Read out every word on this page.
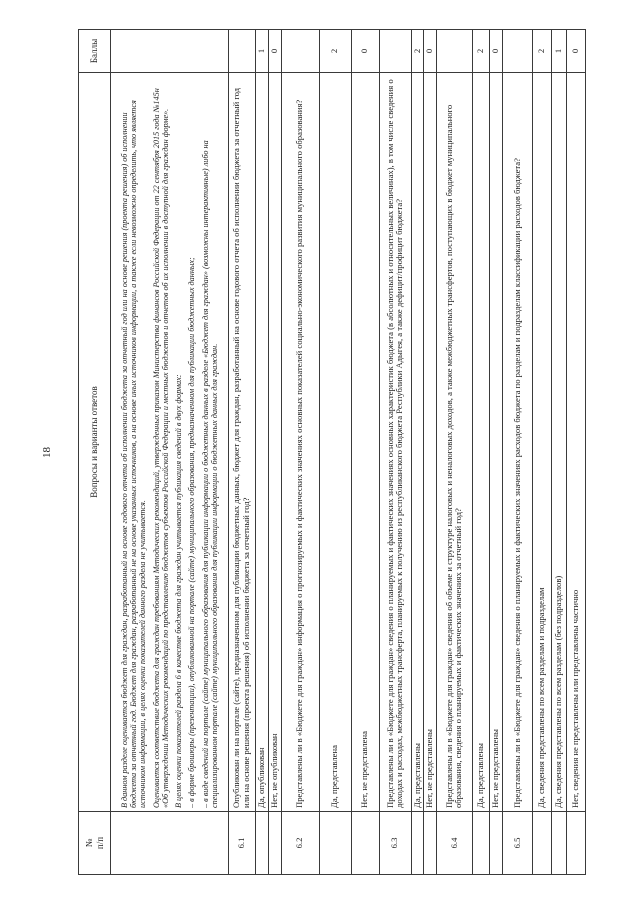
18
№ п/п	Вопросы и варианты ответов	Баллы

	В данном разделе оценивается бюджет для граждан, разработанный на основе годового отчета об исполнении бюджета за отчетный год или на основе решения (проекта решения) об исполнении бюджета за отчетный год. Бюджет для граждан, разработанный не на основе указанных источников, а на основе иных источников информации, а также если невозможно определить, что является источником информации, в целях оценки показателей данного раздела не учитывается. Оценивается соответствие бюджета для граждан требованиям Методических рекомендаций, утвержденных приказом Министерства финансов Российской Федерации от 22 сентября 2015 года №145н «Об утверждении Методических рекомендаций по представлению бюджетов субъектов Российской Федерации и местных бюджетов и отчетов об их исполнении в доступной для граждан форме». В целях оценки показателей раздела 6 в качестве бюджета для граждан учитывается публикация сведений в двух формах: – в форме брошюры (презентации), опубликованной на портале (сайте) муниципального образования, предназначенном для публикации бюджетных данных; – в виде сведений на портале (сайте) муниципального образования для публикации информации о бюджетных данных в разделе «Бюджет для граждан» (возможны интерактивные) либо на специализированном портале (сайте) муниципального образования для публикации информации о бюджетных данных для граждан.	

6.1	Опубликован ли на портале (сайте), предназначенном для публикации бюджетных данных, бюджет для граждан, разработанный на основе годового отчета об исполнении бюджета за отчетный год или на основе решения (проекта решения) об исполнении бюджета за отчетный год?	
	Да, опубликован	1
	Нет, не опубликован	0
6.2	Представлены ли в «Бюджете для граждан» информация о прогнозируемых и фактических значениях основных показателей социально-экономического развития муниципального образования?	
	Да, представлена	2
	Нет, не представлена	0
6.3	Представлены ли в «Бюджете для граждан» сведения о планируемых и фактических значениях основных характеристик бюджета (в абсолютных и относительных величинах), в том числе сведения о доходах и расходах, межбюджетных трансферта, планируемых к получению из республиканского бюджета Республики Адыгея, а также дефицит/профицит бюджета?	
	Да, представлены	2
	Нет, не представлены	0
6.4	Представлены ли в «Бюджете для граждан» сведения об объеме и структуре налоговых и неналоговых доходов, а также межбюджетных трансфертов, поступающих в бюджет муниципального образования, сведения о планируемых и фактических значениях за отчетный год?	
	Да, представлены	2
	Нет, не представлены	0
6.5	Представлены ли в «Бюджете для граждан» сведения о планируемых и фактических значениях расходов бюджета по разделам и подразделам классификации расходов бюджета?	
	Да, сведения представлены по всем разделам и подразделам	2
	Да, сведения представлены по всем разделам (без подразделов)	1
	Нет, сведения не представлены или представлены частично	0
